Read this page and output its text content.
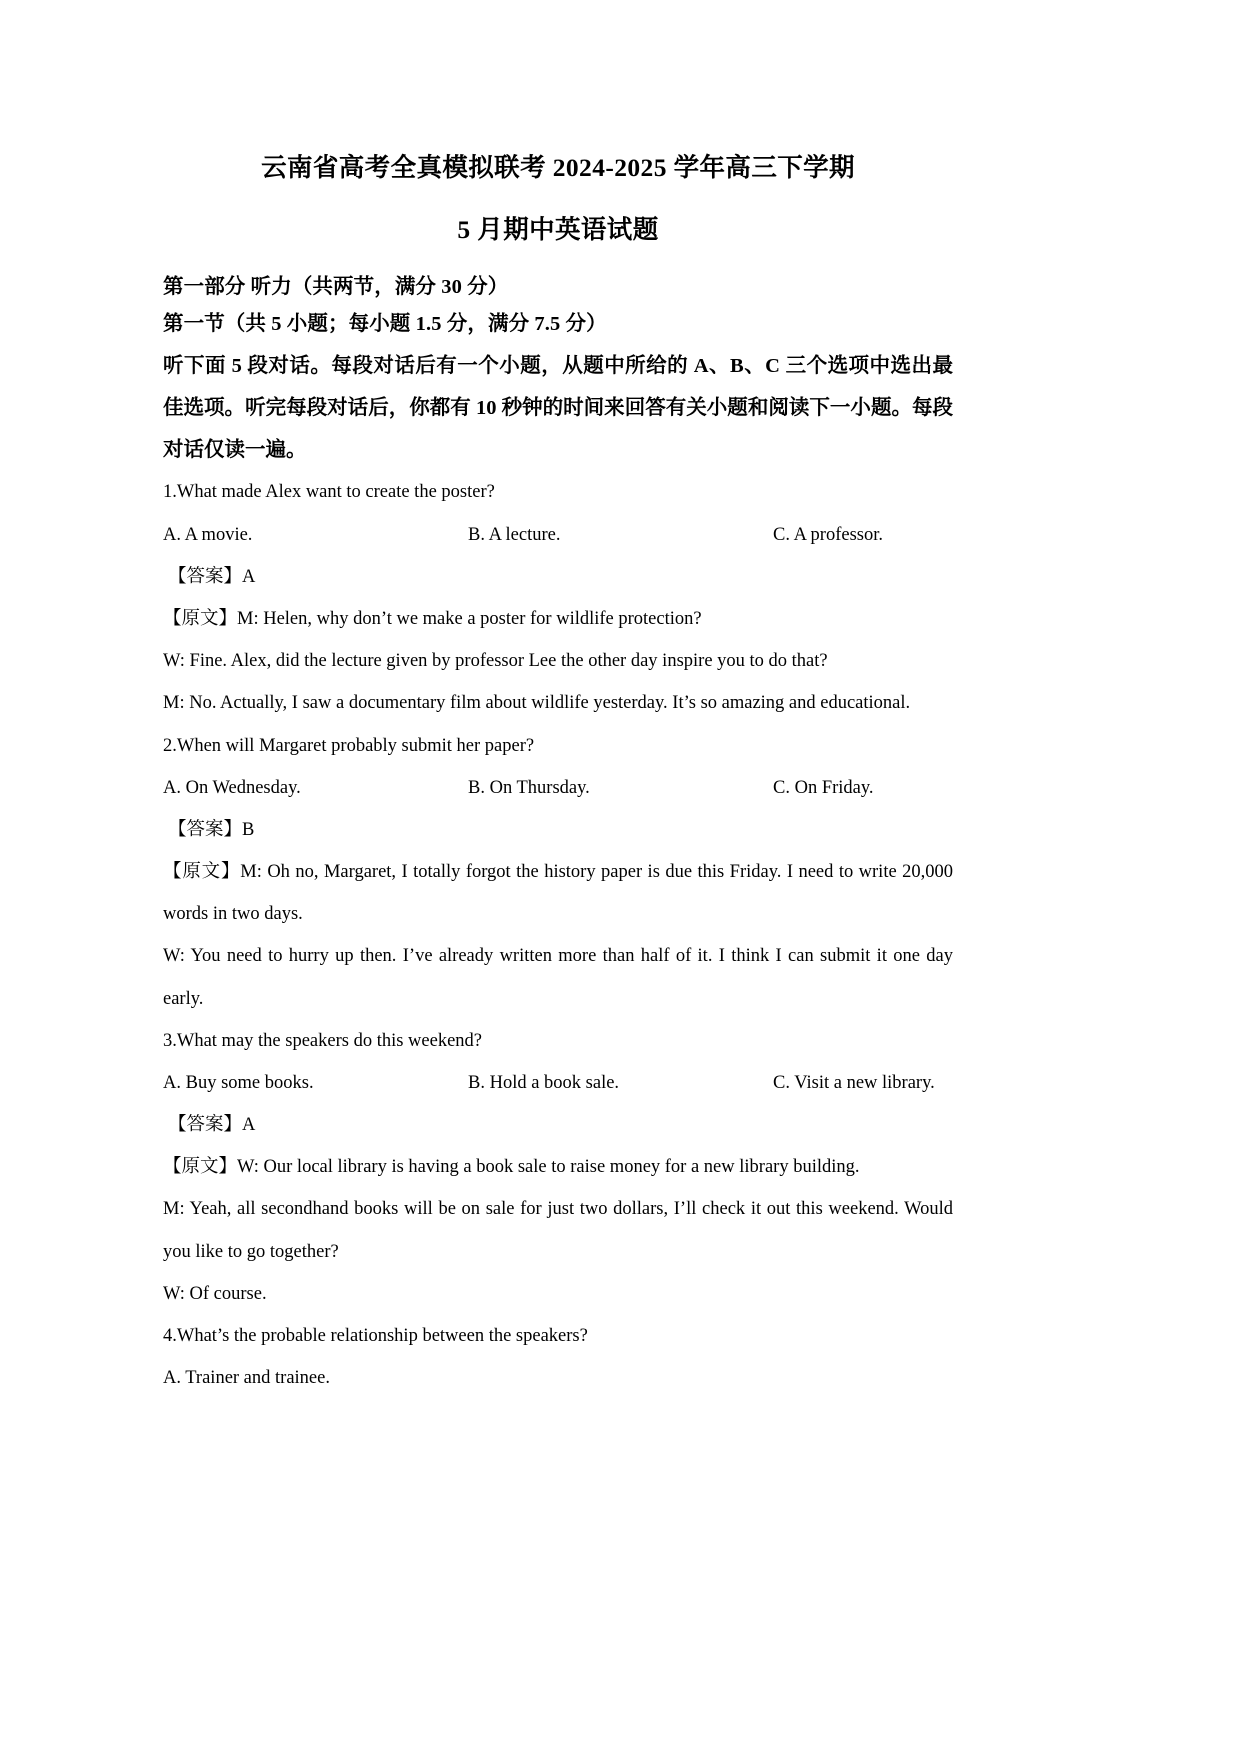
云南省高考全真模拟联考 2024-2025 学年高三下学期
5 月期中英语试题
第一部分 听力（共两节，满分 30 分）
第一节（共 5 小题；每小题 1.5 分，满分 7.5 分）
听下面 5 段对话。每段对话后有一个小题，从题中所给的 A、B、C 三个选项中选出最佳选项。听完每段对话后，你都有 10 秒钟的时间来回答有关小题和阅读下一小题。每段对话仅读一遍。
1.What made Alex want to create the poster?
A. A movie.	B. A lecture.	C. A professor.
【答案】A
【原文】M: Helen, why don’t we make a poster for wildlife protection?
W: Fine. Alex, did the lecture given by professor Lee the other day inspire you to do that?
M: No. Actually, I saw a documentary film about wildlife yesterday. It’s so amazing and educational.
2.When will Margaret probably submit her paper?
A. On Wednesday.	B. On Thursday.	C. On Friday.
【答案】B
【原文】M: Oh no, Margaret, I totally forgot the history paper is due this Friday. I need to write 20,000 words in two days.
W: You need to hurry up then. I’ve already written more than half of it. I think I can submit it one day early.
3.What may the speakers do this weekend?
A. Buy some books.	B. Hold a book sale.	C. Visit a new library.
【答案】A
【原文】W: Our local library is having a book sale to raise money for a new library building.
M: Yeah, all secondhand books will be on sale for just two dollars, I’ll check it out this weekend. Would you like to go together?
W: Of course.
4.What’s the probable relationship between the speakers?
A. Trainer and trainee.
